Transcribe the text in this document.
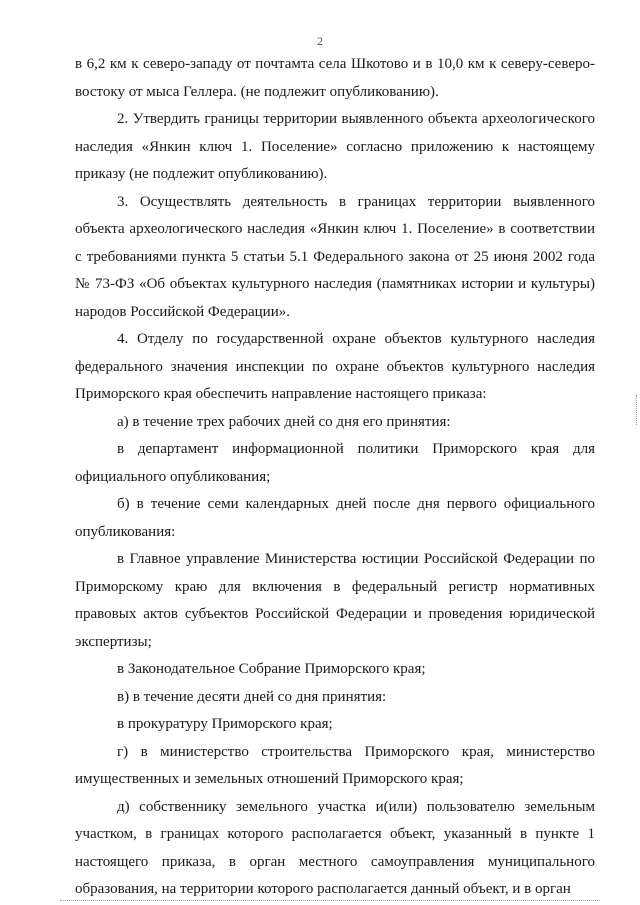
2

в 6,2 км к северо-западу от почтамта села Шкотово и в 10,0 км к северу-северо-востоку от мыса Геллера. (не подлежит опубликованию).

2. Утвердить границы территории выявленного объекта археологического наследия «Янкин ключ 1. Поселение» согласно приложению к настоящему приказу (не подлежит опубликованию).

3. Осуществлять деятельность в границах территории выявленного объекта археологического наследия «Янкин ключ 1. Поселение» в соответствии с требованиями пункта 5 статьи 5.1 Федерального закона от 25 июня 2002 года № 73-ФЗ «Об объектах культурного наследия (памятниках истории и культуры) народов Российской Федерации».

4. Отделу по государственной охране объектов культурного наследия федерального значения инспекции по охране объектов культурного наследия Приморского края обеспечить направление настоящего приказа:

а) в течение трех рабочих дней со дня его принятия:

в департамент информационной политики Приморского края для официального опубликования;

б) в течение семи календарных дней после дня первого официального опубликования:

в Главное управление Министерства юстиции Российской Федерации по Приморскому краю для включения в федеральный регистр нормативных правовых актов субъектов Российской Федерации и проведения юридической экспертизы;

в Законодательное Собрание Приморского края;

в) в течение десяти дней со дня принятия:

в прокуратуру Приморского края;

г) в министерство строительства Приморского края, министерство имущественных и земельных отношений Приморского края;

д) собственнику земельного участка и(или) пользователю земельным участком, в границах которого располагается объект, указанный в пункте 1 настоящего приказа, в орган местного самоуправления муниципального образования, на территории которого располагается данный объект, и в орган
